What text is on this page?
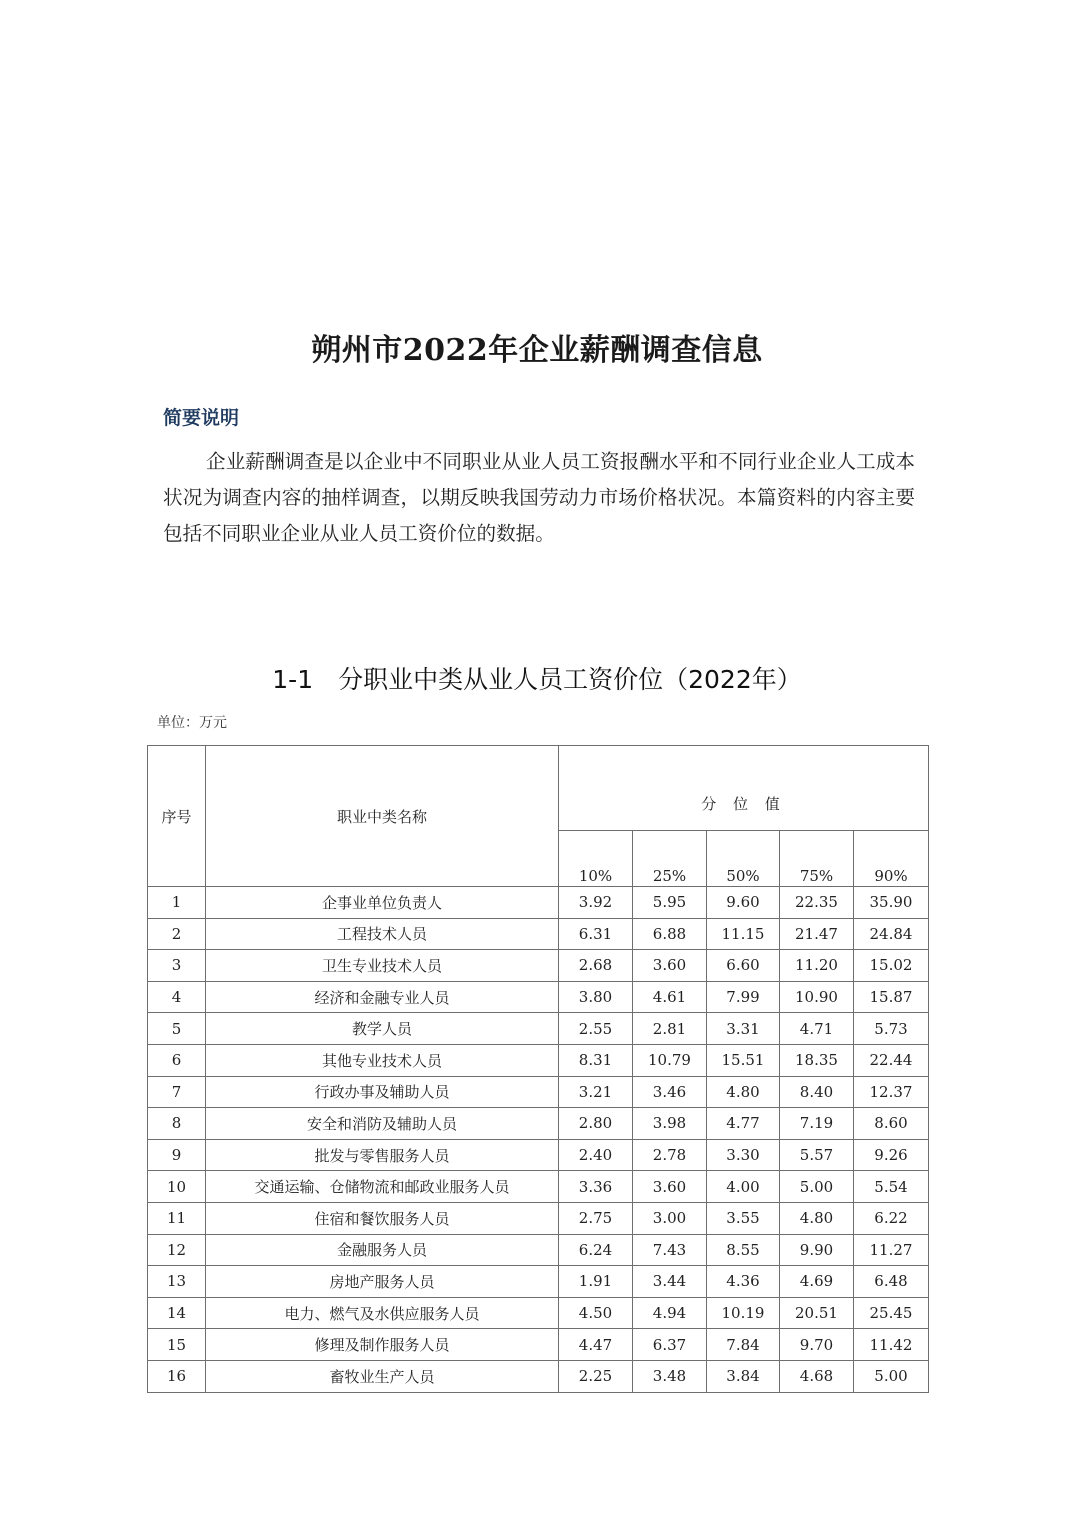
朔州市2022年企业薪酬调查信息
简要说明

企业薪酬调查是以企业中不同职业从业人员工资报酬水平和不同行业企业人工成本状况为调查内容的抽样调查，以期反映我国劳动力市场价格状况。本篇资料的内容主要包括不同职业企业从业人员工资价位的数据。

1-1　分职业中类从业人员工资价位（2022年）
单位：万元
序号	职业中类名称	分 位 值				
		10%	25%	50%	75%	90%
1	企事业单位负责人	3.92	5.95	9.60	22.35	35.90
2	工程技术人员	6.31	6.88	11.15	21.47	24.84
3	卫生专业技术人员	2.68	3.60	6.60	11.20	15.02
4	经济和金融专业人员	3.80	4.61	7.99	10.90	15.87
5	教学人员	2.55	2.81	3.31	4.71	5.73
6	其他专业技术人员	8.31	10.79	15.51	18.35	22.44
7	行政办事及辅助人员	3.21	3.46	4.80	8.40	12.37
8	安全和消防及辅助人员	2.80	3.98	4.77	7.19	8.60
9	批发与零售服务人员	2.40	2.78	3.30	5.57	9.26
10	交通运输、仓储物流和邮政业服务人员	3.36	3.60	4.00	5.00	5.54
11	住宿和餐饮服务人员	2.75	3.00	3.55	4.80	6.22
12	金融服务人员	6.24	7.43	8.55	9.90	11.27
13	房地产服务人员	1.91	3.44	4.36	4.69	6.48
14	电力、燃气及水供应服务人员	4.50	4.94	10.19	20.51	25.45
15	修理及制作服务人员	4.47	6.37	7.84	9.70	11.42
16	畜牧业生产人员	2.25	3.48	3.84	4.68	5.00
